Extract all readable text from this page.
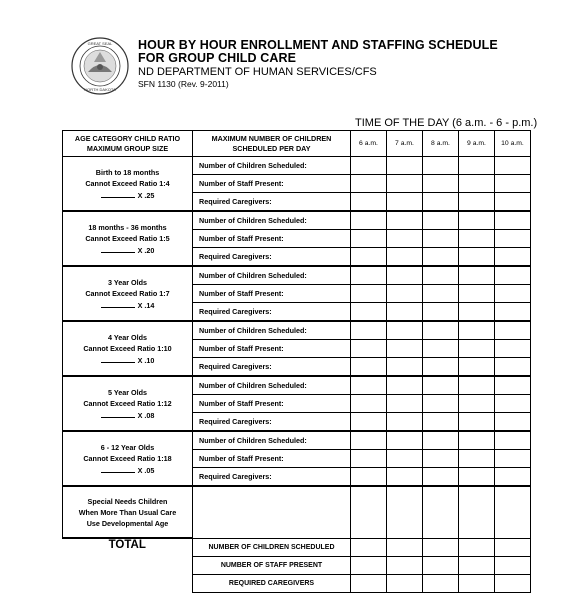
GREAT SEAL
NORTH DAKOTA
HOUR BY HOUR ENROLLMENT AND STAFFING SCHEDULE
FOR GROUP CHILD CARE
ND DEPARTMENT OF HUMAN SERVICES/CFS
SFN 1130 (Rev. 9-2011)
TIME OF THE DAY (6 a.m. - 6 - p.m.)
AGE CATEGORY CHILD RATIO MAXIMUM GROUP SIZE	MAXIMUM NUMBER OF CHILDREN SCHEDULED PER DAY	6 a.m.	7 a.m.	8 a.m.	9 a.m.	10 a.m.

Birth to 18 months
Cannot Exceed Ratio 1:4
X .25	Number of Children Scheduled:					
	Number of Staff Present:					
	Required Caregivers:					

18 months - 36 months
Cannot Exceed Ratio 1:5
X .20	Number of Children Scheduled:					
	Number of Staff Present:					
	Required Caregivers:					

3 Year Olds
Cannot Exceed Ratio 1:7
X .14	Number of Children Scheduled:					
	Number of Staff Present:					
	Required Caregivers:					

4 Year Olds
Cannot Exceed Ratio 1:10
X .10	Number of Children Scheduled:					
	Number of Staff Present:					
	Required Caregivers:					

5 Year Olds
Cannot Exceed Ratio 1:12
X .08	Number of Children Scheduled:					
	Number of Staff Present:					
	Required Caregivers:					

6 - 12 Year Olds
Cannot Exceed Ratio 1:18
X .05	Number of Children Scheduled:					
	Number of Staff Present:					
	Required Caregivers:					

Special Needs Children
When More Than Usual Care
Use Developmental Age						

TOTAL	NUMBER OF CHILDREN SCHEDULED					
	NUMBER OF STAFF PRESENT					
	REQUIRED CAREGIVERS					
